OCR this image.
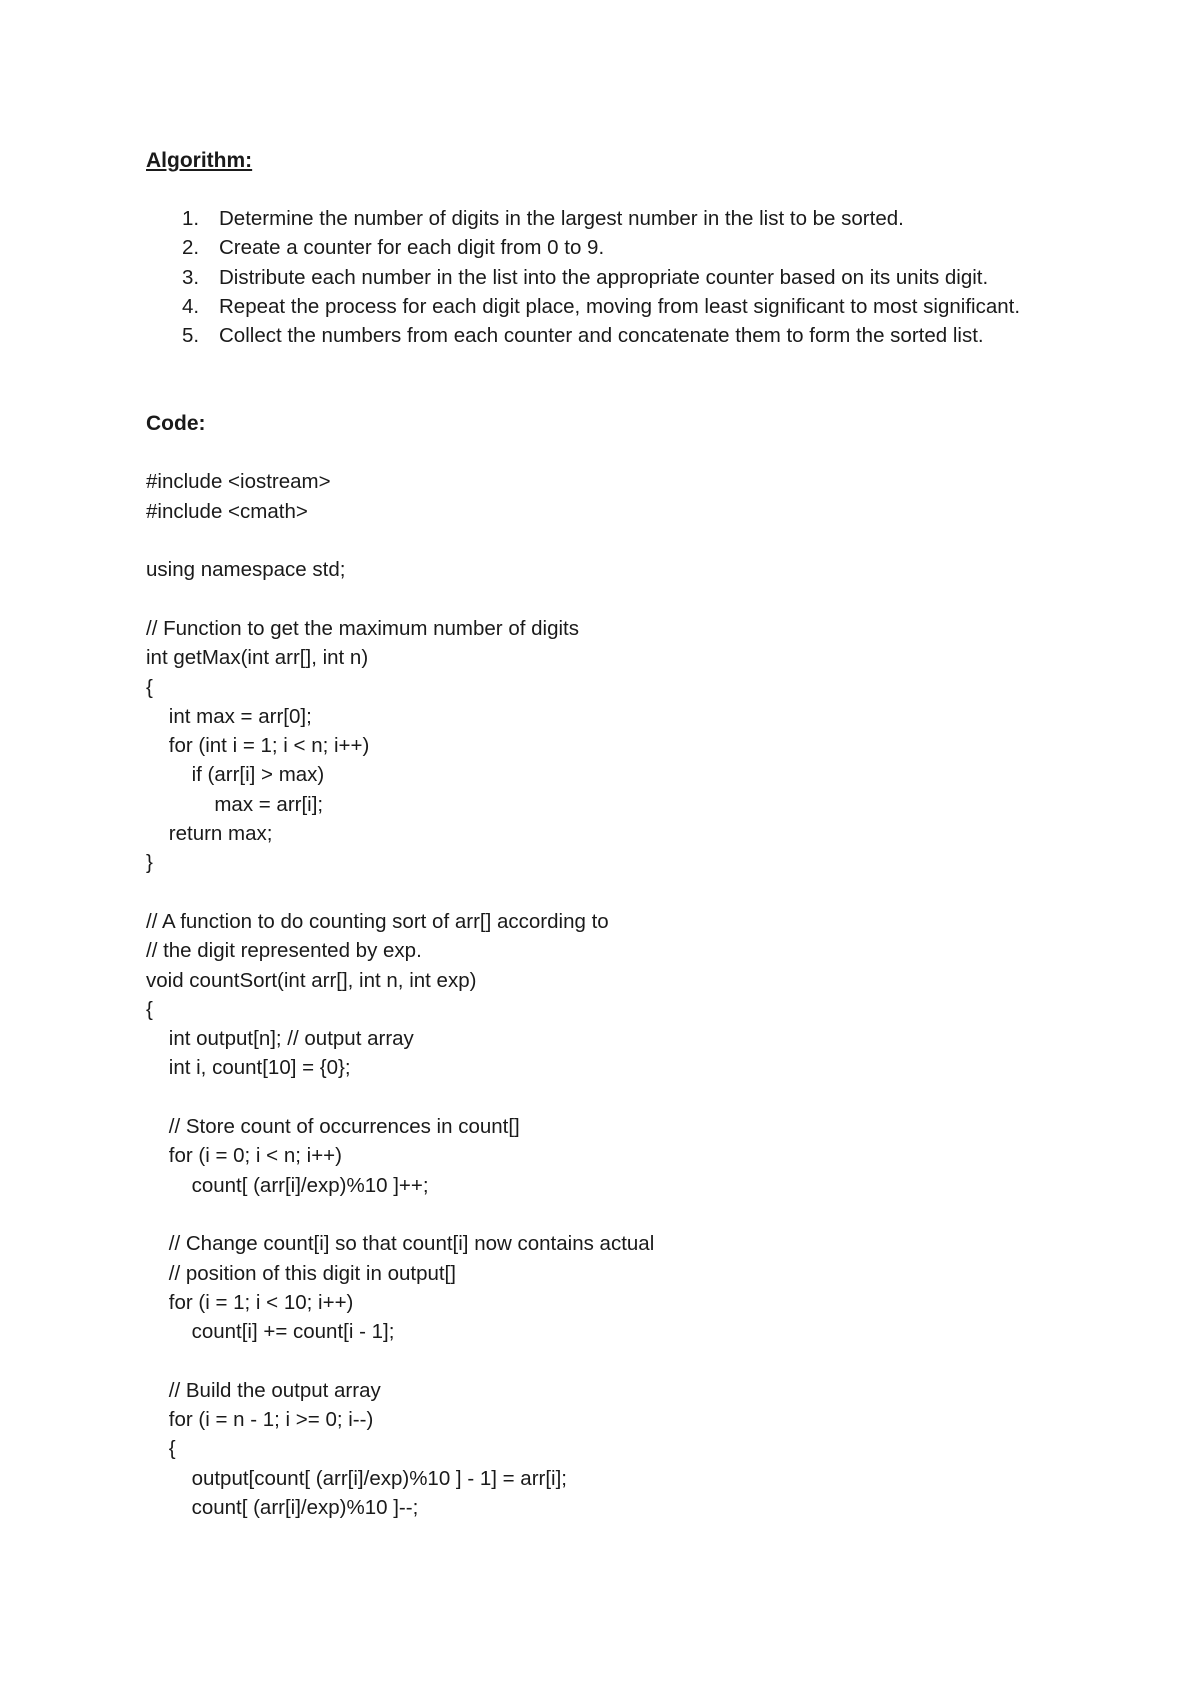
Algorithm:
1. Determine the number of digits in the largest number in the list to be sorted.
2. Create a counter for each digit from 0 to 9.
3. Distribute each number in the list into the appropriate counter based on its units digit.
4. Repeat the process for each digit place, moving from least significant to most significant.
5. Collect the numbers from each counter and concatenate them to form the sorted list.
Code:
#include <iostream>
#include <cmath>
using namespace std;
// Function to get the maximum number of digits
int getMax(int arr[], int n)
{
int max = arr[0];
for (int i = 1; i < n; i++)
if (arr[i] > max)
max = arr[i];
return max;
}
// A function to do counting sort of arr[] according to
// the digit represented by exp.
void countSort(int arr[], int n, int exp)
{
int output[n]; // output array
int i, count[10] = {0};
// Store count of occurrences in count[]
for (i = 0; i < n; i++)
count[ (arr[i]/exp)%10 ]++;
// Change count[i] so that count[i] now contains actual
// position of this digit in output[]
for (i = 1; i < 10; i++)
count[i] += count[i - 1];
// Build the output array
for (i = n - 1; i >= 0; i--)
{
output[count[ (arr[i]/exp)%10 ] - 1] = arr[i];
count[ (arr[i]/exp)%10 ]--;
